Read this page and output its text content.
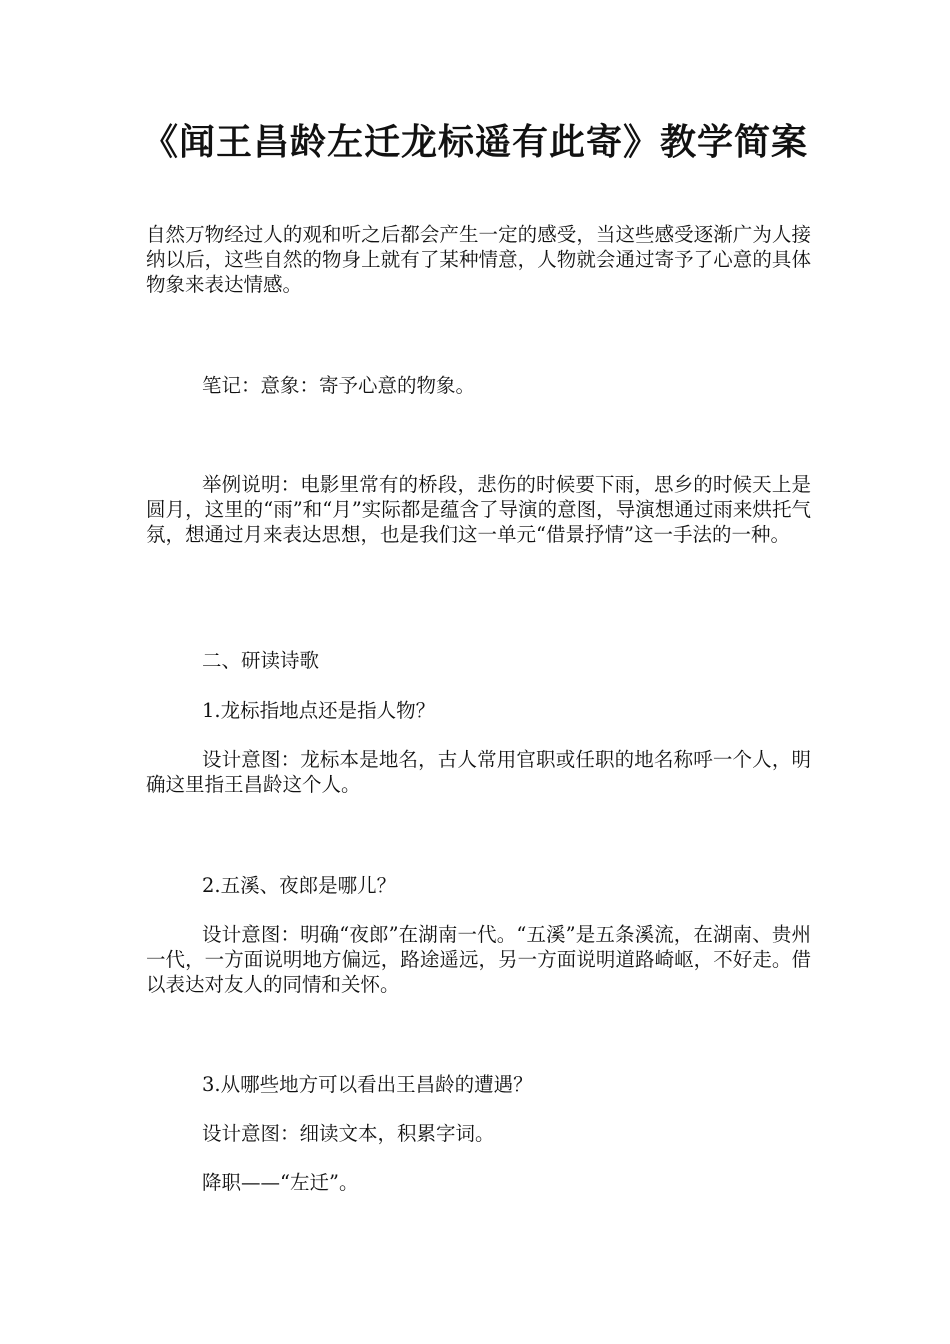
《闻王昌龄左迁龙标遥有此寄》教学简案

自然万物经过人的观和听之后都会产生一定的感受，当这些感受逐渐广为人接纳以后，这些自然的物身上就有了某种情意，人物就会通过寄予了心意的具体物象来表达情感。

笔记：意象：寄予心意的物象。

举例说明：电影里常有的桥段，悲伤的时候要下雨，思乡的时候天上是圆月，这里的“雨”和“月”实际都是蕴含了导演的意图，导演想通过雨来烘托气氛，想通过月来表达思想，也是我们这一单元“借景抒情”这一手法的一种。

二、研读诗歌

1.龙标指地点还是指人物？

设计意图：龙标本是地名，古人常用官职或任职的地名称呼一个人，明确这里指王昌龄这个人。

2.五溪、夜郎是哪儿？

设计意图：明确“夜郎”在湖南一代。“五溪”是五条溪流，在湖南、贵州一代，一方面说明地方偏远，路途遥远，另一方面说明道路崎岖，不好走。借以表达对友人的同情和关怀。

3.从哪些地方可以看出王昌龄的遭遇？

设计意图：细读文本，积累字词。

降职——“左迁”。
